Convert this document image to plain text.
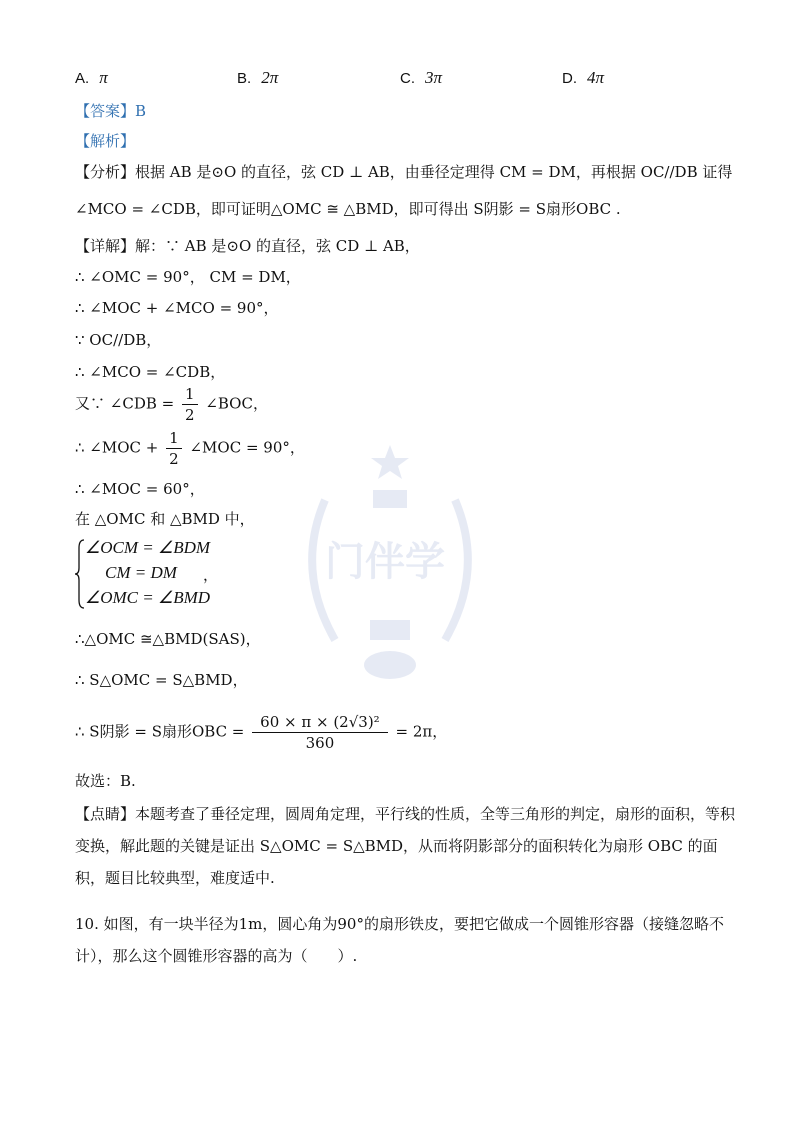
A. π	B. 2π	C. 3π	D. 4π
【答案】B
【解析】
【分析】根据 AB 是⊙O 的直径，弦 CD ⊥ AB，由垂径定理得 CM = DM，再根据 OC//DB 证得
∠MCO = ∠CDB，即可证明△OMC ≅ △BMD，即可得出 S阴影 = S扇形OBC .
【详解】解：∵ AB 是⊙O 的直径，弦 CD ⊥ AB，
∴ ∠OMC = 90°， CM = DM，
∴ ∠MOC + ∠MCO = 90°，
∵ OC//DB，
∴ ∠MCO = ∠CDB，
又∵ ∠CDB = $\frac{1}{2}$ ∠BOC，
∴ ∠MOC + $\frac{1}{2}$ ∠MOC = 90°，
∴ ∠MOC = 60°，
在 △OMC 和 △BMD 中，
∠OCM = ∠BDM
CM = DM
∠OMC = ∠BMD
，
∴△OMC ≅△BMD(SAS)，
∴ S△OMC = S△BMD，
∴ S阴影 = S扇形OBC = $\frac{\text{60 × π × (2√3)²}}{360} = 2\pi$，
故选：B.
【点睛】本题考查了垂径定理，圆周角定理，平行线的性质，全等三角形的判定，扇形的面积，等积变换，解此题的关键是证出 S△OMC = S△BMD，从而将阴影部分的面积转化为扇形 OBC 的面积，题目比较典型，难度适中.
10. 如图，有一块半径为1m，圆心角为90°的扇形铁皮，要把它做成一个圆锥形容器（接缝忽略不计），那么这个圆锥形容器的高为（　　）.
门伴学
